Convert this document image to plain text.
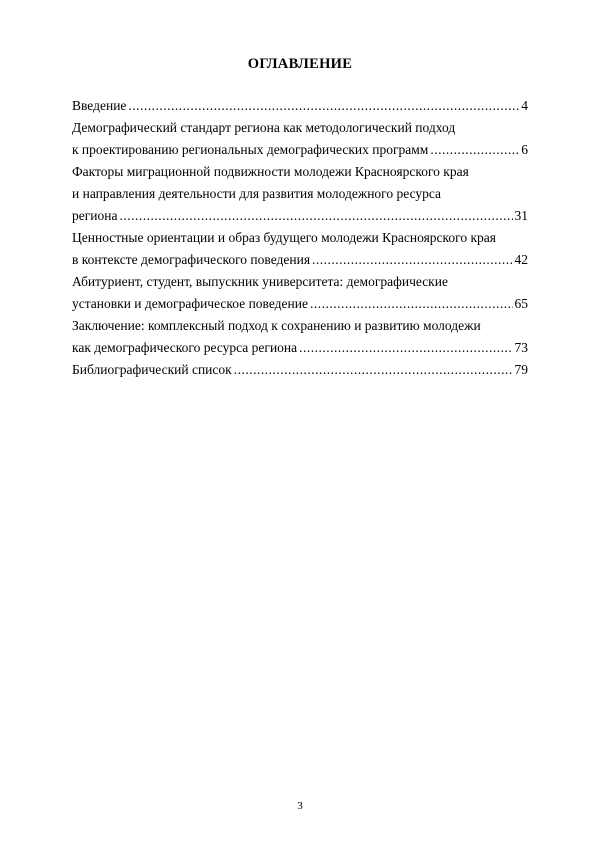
ОГЛАВЛЕНИЕ
Введение .....	4
Демографический стандарт региона как методологический подход
к проектированию региональных демографических программ .....	6
Факторы миграционной подвижности молодежи Красноярского края
и направления деятельности для развития молодежного ресурса
региона .....	31
Ценностные ориентации и образ будущего молодежи Красноярского края
в контексте демографического поведения .....	42
Абитуриент, студент, выпускник университета: демографические
установки и демографическое поведение .....	65
Заключение: комплексный подход к сохранению и развитию молодежи
как демографического ресурса региона .....	73
Библиографический список .....	79
3
